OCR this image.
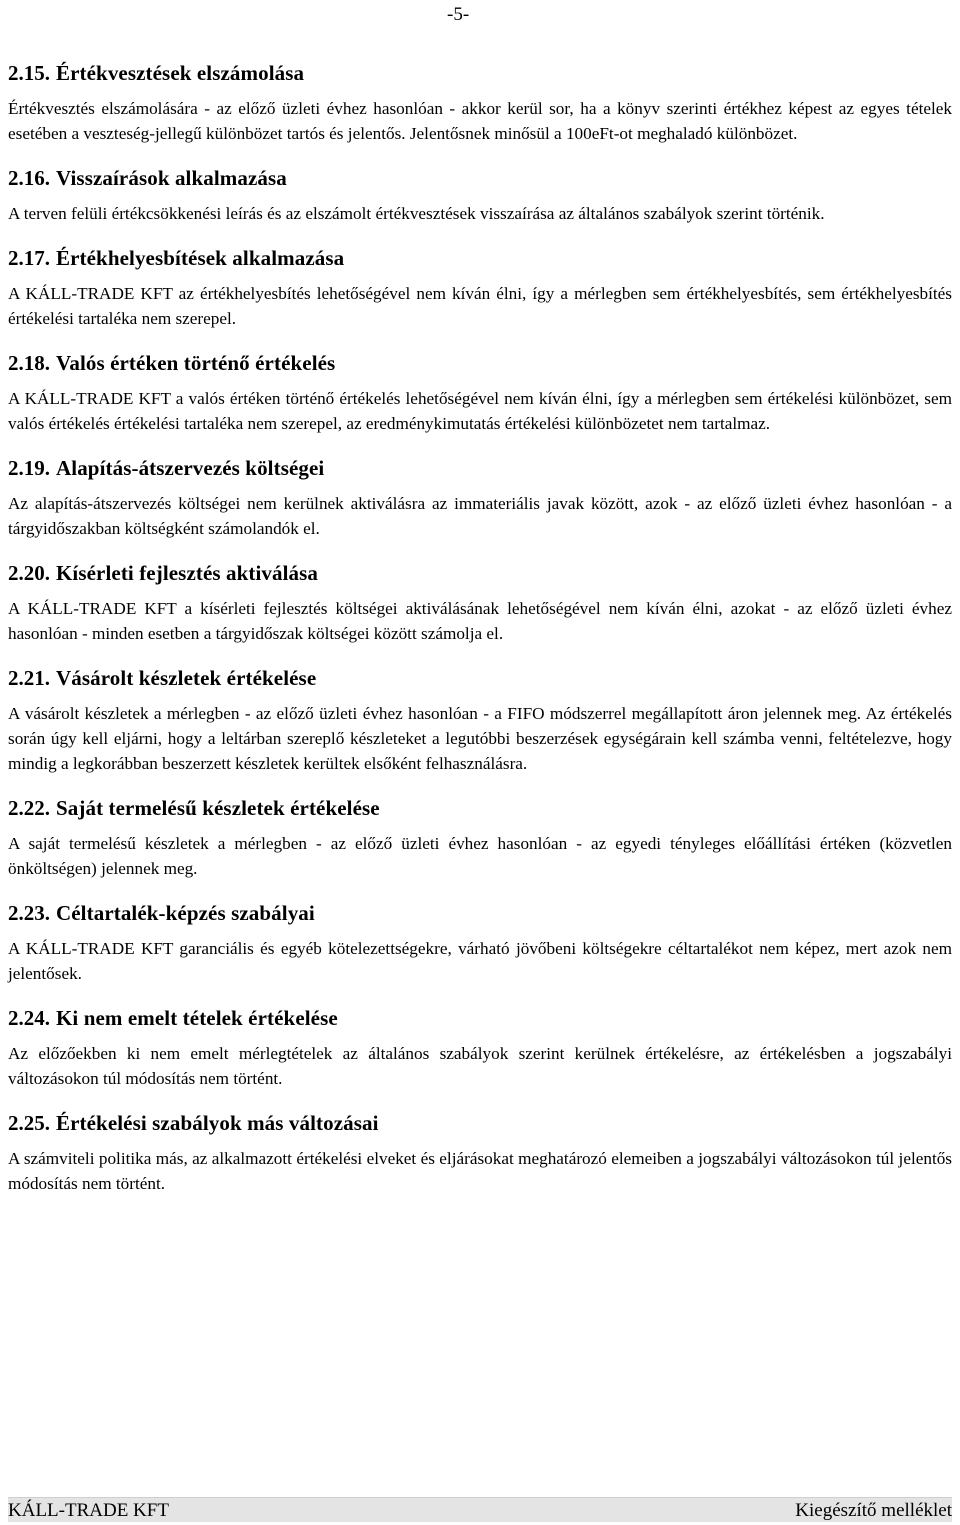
-5-
2.15. Értékvesztések elszámolása

Értékvesztés elszámolására - az előző üzleti évhez hasonlóan - akkor kerül sor, ha a könyv szerinti értékhez képest az egyes tételek esetében a veszteség-jellegű különbözet tartós és jelentős. Jelentősnek minősül a 100eFt-ot meghaladó különbözet.

2.16. Visszaírások alkalmazása

A terven felüli értékcsökkenési leírás és az elszámolt értékvesztések visszaírása az általános szabályok szerint történik.

2.17. Értékhelyesbítések alkalmazása

A KÁLL-TRADE KFT az értékhelyesbítés lehetőségével nem kíván élni, így a mérlegben sem értékhelyesbítés, sem értékhelyesbítés értékelési tartaléka nem szerepel.

2.18. Valós értéken történő értékelés

A KÁLL-TRADE KFT a valós értéken történő értékelés lehetőségével nem kíván élni, így a mérlegben sem értékelési különbözet, sem valós értékelés értékelési tartaléka nem szerepel, az eredménykimutatás értékelési különbözetet nem tartalmaz.

2.19. Alapítás-átszervezés költségei

Az alapítás-átszervezés költségei nem kerülnek aktiválásra az immateriális javak között, azok - az előző üzleti évhez hasonlóan - a tárgyidőszakban költségként számolandók el.

2.20. Kísérleti fejlesztés aktiválása

A KÁLL-TRADE KFT a kísérleti fejlesztés költségei aktiválásának lehetőségével nem kíván élni, azokat - az előző üzleti évhez hasonlóan - minden esetben a tárgyidőszak költségei között számolja el.

2.21. Vásárolt készletek értékelése

A vásárolt készletek a mérlegben - az előző üzleti évhez hasonlóan - a FIFO módszerrel megállapított áron jelennek meg. Az értékelés során úgy kell eljárni, hogy a leltárban szereplő készleteket a legutóbbi beszerzések egységárain kell számba venni, feltételezve, hogy mindig a legkorábban beszerzett készletek kerültek elsőként felhasználásra.

2.22. Saját termelésű készletek értékelése

A saját termelésű készletek a mérlegben - az előző üzleti évhez hasonlóan - az egyedi tényleges előállítási értéken (közvetlen önköltségen) jelennek meg.

2.23. Céltartalék-képzés szabályai

A KÁLL-TRADE KFT garanciális és egyéb kötelezettségekre, várható jövőbeni költségekre céltartalékot nem képez, mert azok nem jelentősek.

2.24. Ki nem emelt tételek értékelése

Az előzőekben ki nem emelt mérlegtételek az általános szabályok szerint kerülnek értékelésre, az értékelésben a jogszabályi változásokon túl módosítás nem történt.

2.25. Értékelési szabályok más változásai

A számviteli politika más, az alkalmazott értékelési elveket és eljárásokat meghatározó elemeiben a jogszabályi változásokon túl jelentős módosítás nem történt.

KÁLL-TRADE KFT	Kiegészítő melléklet
